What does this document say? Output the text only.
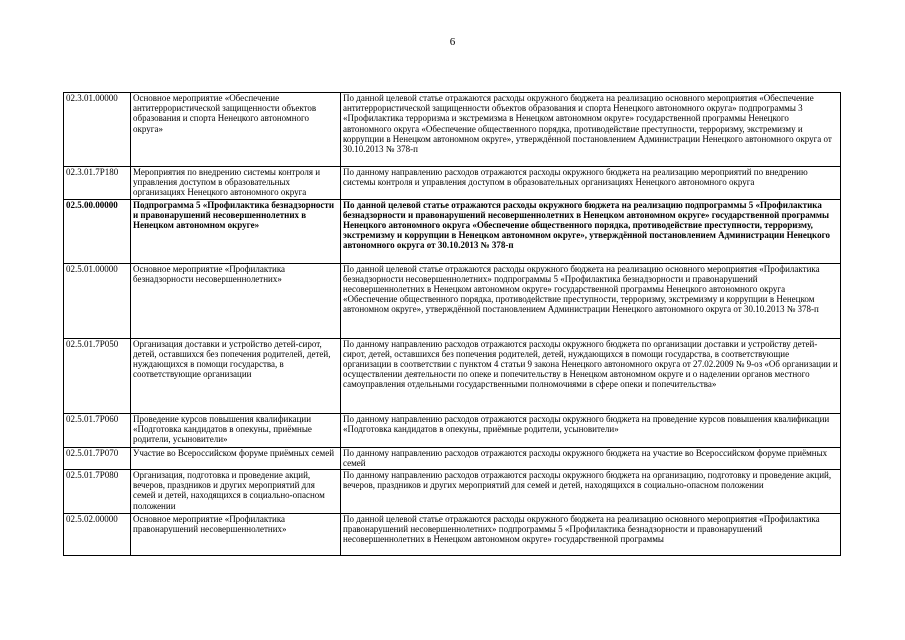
6
02.3.01.00000	Основное мероприятие «Обеспечение антитеррористической защищенности объектов образования и спорта Ненецкого автономного округа»	По данной целевой статье отражаются расходы окружного бюджета на реализацию основного мероприятия «Обеспечение антитеррористической защищенности объектов образования и спорта Ненецкого автономного округа» подпрограммы 3 «Профилактика терроризма и экстремизма в Ненецком автономном округе» государственной программы Ненецкого автономного округа «Обеспечение общественного порядка, противодействие преступности, терроризму, экстремизму и коррупции в Ненецком автономном округе», утверждённой постановлением Администрации Ненецкого автономного округа от 30.10.2013 № 378-п
02.3.01.7Р180	Мероприятия по внедрению системы контроля и управления доступом в образовательных организациях Ненецкого автономного округа	По данному направлению расходов отражаются расходы окружного бюджета на реализацию мероприятий по внедрению системы контроля и управления доступом в образовательных организациях Ненецкого автономного округа
02.5.00.00000	Подпрограмма 5 «Профилактика безнадзорности и правонарушений несовершеннолетних в Ненецком автономном округе»	По данной целевой статье отражаются расходы окружного бюджета на реализацию подпрограммы 5 «Профилактика безнадзорности и правонарушений несовершеннолетних в Ненецком автономном округе» государственной программы Ненецкого автономного округа «Обеспечение общественного порядка, противодействие преступности, терроризму, экстремизму и коррупции в Ненецком автономном округе», утверждённой постановлением Администрации Ненецкого автономного округа от 30.10.2013 № 378-п
02.5.01.00000	Основное мероприятие «Профилактика безнадзорности несовершеннолетних»	По данной целевой статье отражаются расходы окружного бюджета на реализацию основного мероприятия «Профилактика безнадзорности несовершеннолетних» подпрограммы 5 «Профилактика безнадзорности и правонарушений несовершеннолетних в Ненецком автономном округе» государственной программы Ненецкого автономного округа «Обеспечение общественного порядка, противодействие преступности, терроризму, экстремизму и коррупции в Ненецком автономном округе», утверждённой постановлением Администрации Ненецкого автономного округа от 30.10.2013 № 378-п
02.5.01.7Р050	Организация доставки и устройство детей-сирот, детей, оставшихся без попечения родителей, детей, нуждающихся в помощи государства, в соответствующие организации	По данному направлению расходов отражаются расходы окружного бюджета по организации доставки и устройству детей-сирот, детей, оставшихся без попечения родителей, детей, нуждающихся в помощи государства, в соответствующие организации в соответствии с пунктом 4 статьи 9 закона Ненецкого автономного округа от 27.02.2009 № 9-оз «Об организации и осуществлении деятельности по опеке и попечительству в Ненецком автономном округе и о наделении органов местного самоуправления отдельными государственными полномочиями в сфере опеки и попечительства»
02.5.01.7Р060	Проведение курсов повышения квалификации «Подготовка кандидатов в опекуны, приёмные родители, усыновители»	По данному направлению расходов отражаются расходы окружного бюджета на проведение курсов повышения квалификации «Подготовка кандидатов в опекуны, приёмные родители, усыновители»
02.5.01.7Р070	Участие во Всероссийском форуме приёмных семей	По данному направлению расходов отражаются расходы окружного бюджета на участие во Всероссийском форуме приёмных семей
02.5.01.7Р080	Организация, подготовка и проведение акций, вечеров, праздников и других мероприятий для семей и детей, находящихся в социально-опасном положении	По данному направлению расходов отражаются расходы окружного бюджета на организацию, подготовку и проведение акций, вечеров, праздников и других мероприятий для семей и детей, находящихся в социально-опасном положении
02.5.02.00000	Основное мероприятие «Профилактика правонарушений несовершеннолетних»	По данной целевой статье отражаются расходы окружного бюджета на реализацию основного мероприятия «Профилактика правонарушений несовершеннолетних» подпрограммы 5 «Профилактика безнадзорности и правонарушений несовершеннолетних в Ненецком автономном округе» государственной программы
